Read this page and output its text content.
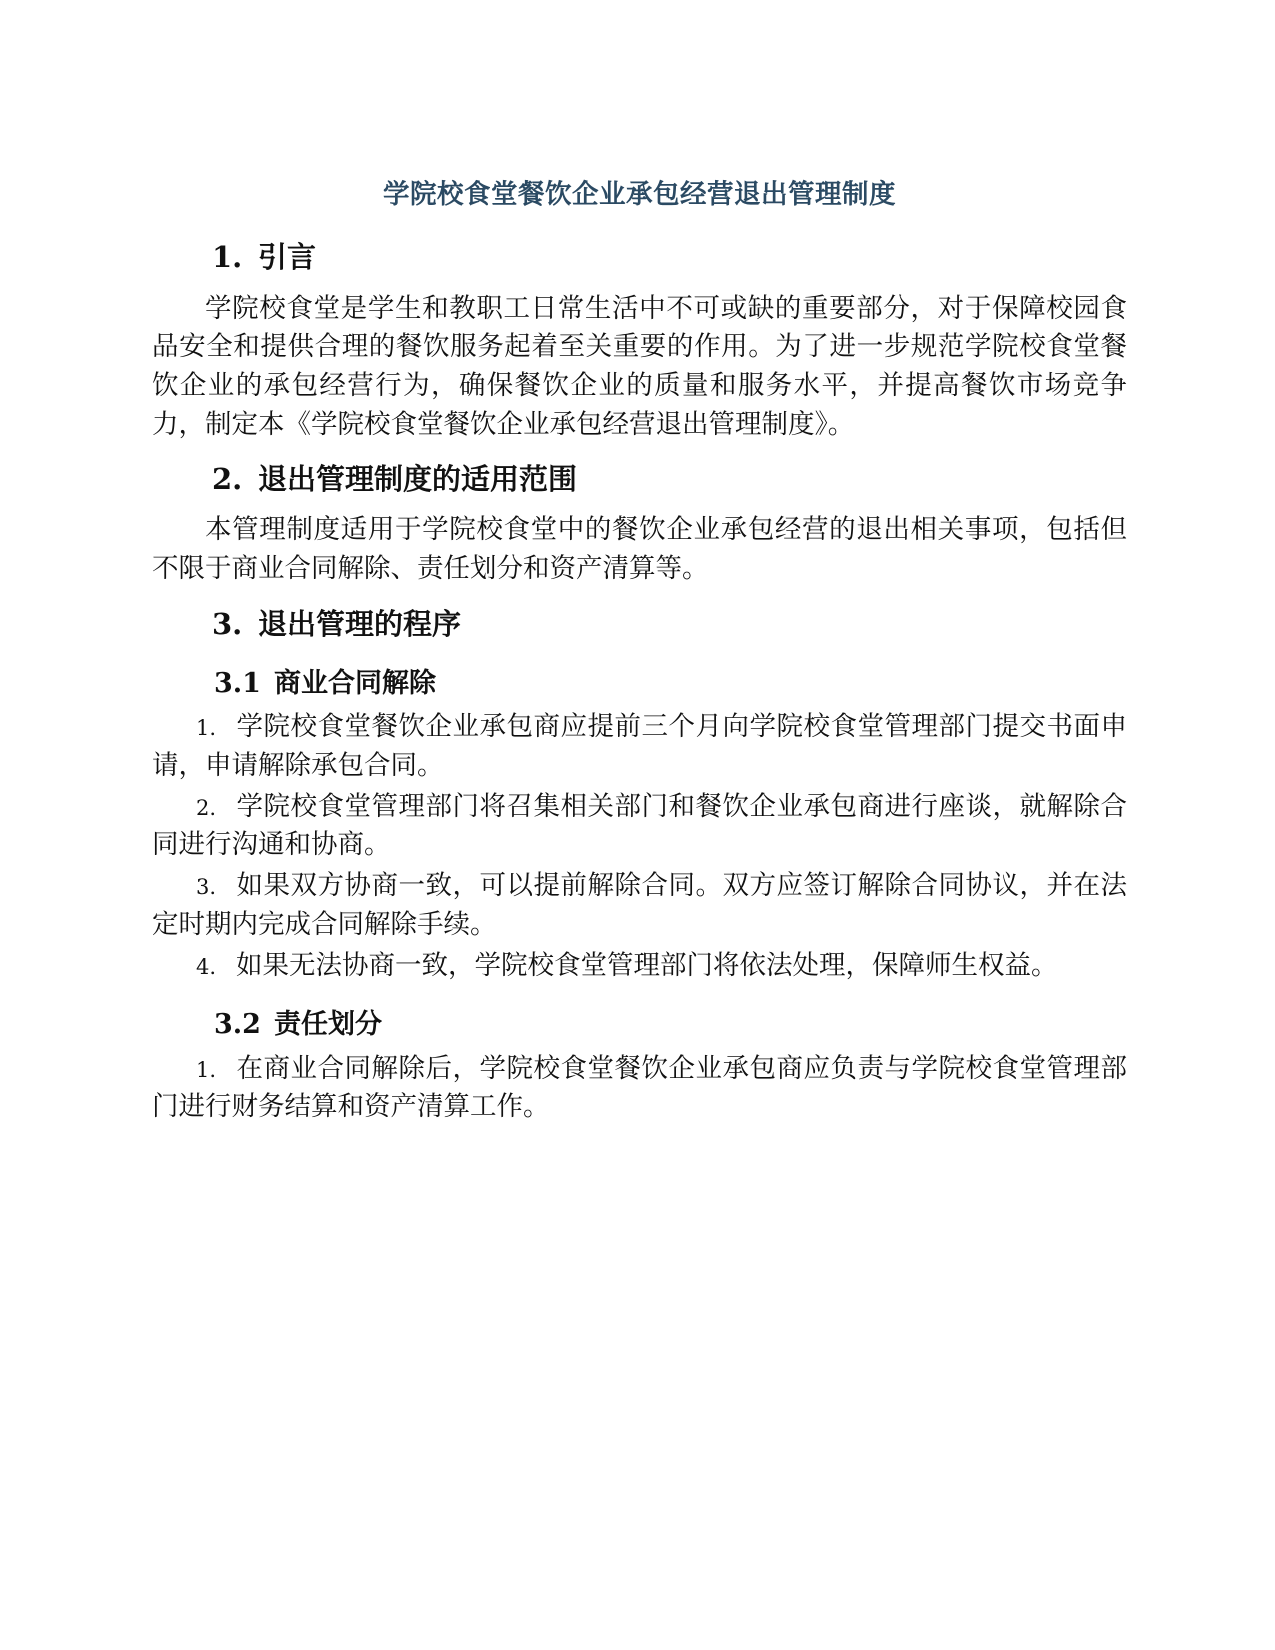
学院校食堂餐饮企业承包经营退出管理制度
1. 引言

学院校食堂是学生和教职工日常生活中不可或缺的重要部分，对于保障校园食品安全和提供合理的餐饮服务起着至关重要的作用。为了进一步规范学院校食堂餐饮企业的承包经营行为，确保餐饮企业的质量和服务水平，并提高餐饮市场竞争力，制定本《学院校食堂餐饮企业承包经营退出管理制度》。

2. 退出管理制度的适用范围

本管理制度适用于学院校食堂中的餐饮企业承包经营的退出相关事项，包括但不限于商业合同解除、责任划分和资产清算等。

3. 退出管理的程序
3.1 商业合同解除
1. 学院校食堂餐饮企业承包商应提前三个月向学院校食堂管理部门提交书面申请，申请解除承包合同。
2. 学院校食堂管理部门将召集相关部门和餐饮企业承包商进行座谈，就解除合同进行沟通和协商。
3. 如果双方协商一致，可以提前解除合同。双方应签订解除合同协议，并在法定时期内完成合同解除手续。
4. 如果无法协商一致，学院校食堂管理部门将依法处理，保障师生权益。
3.2 责任划分
1. 在商业合同解除后，学院校食堂餐饮企业承包商应负责与学院校食堂管理部门进行财务结算和资产清算工作。
